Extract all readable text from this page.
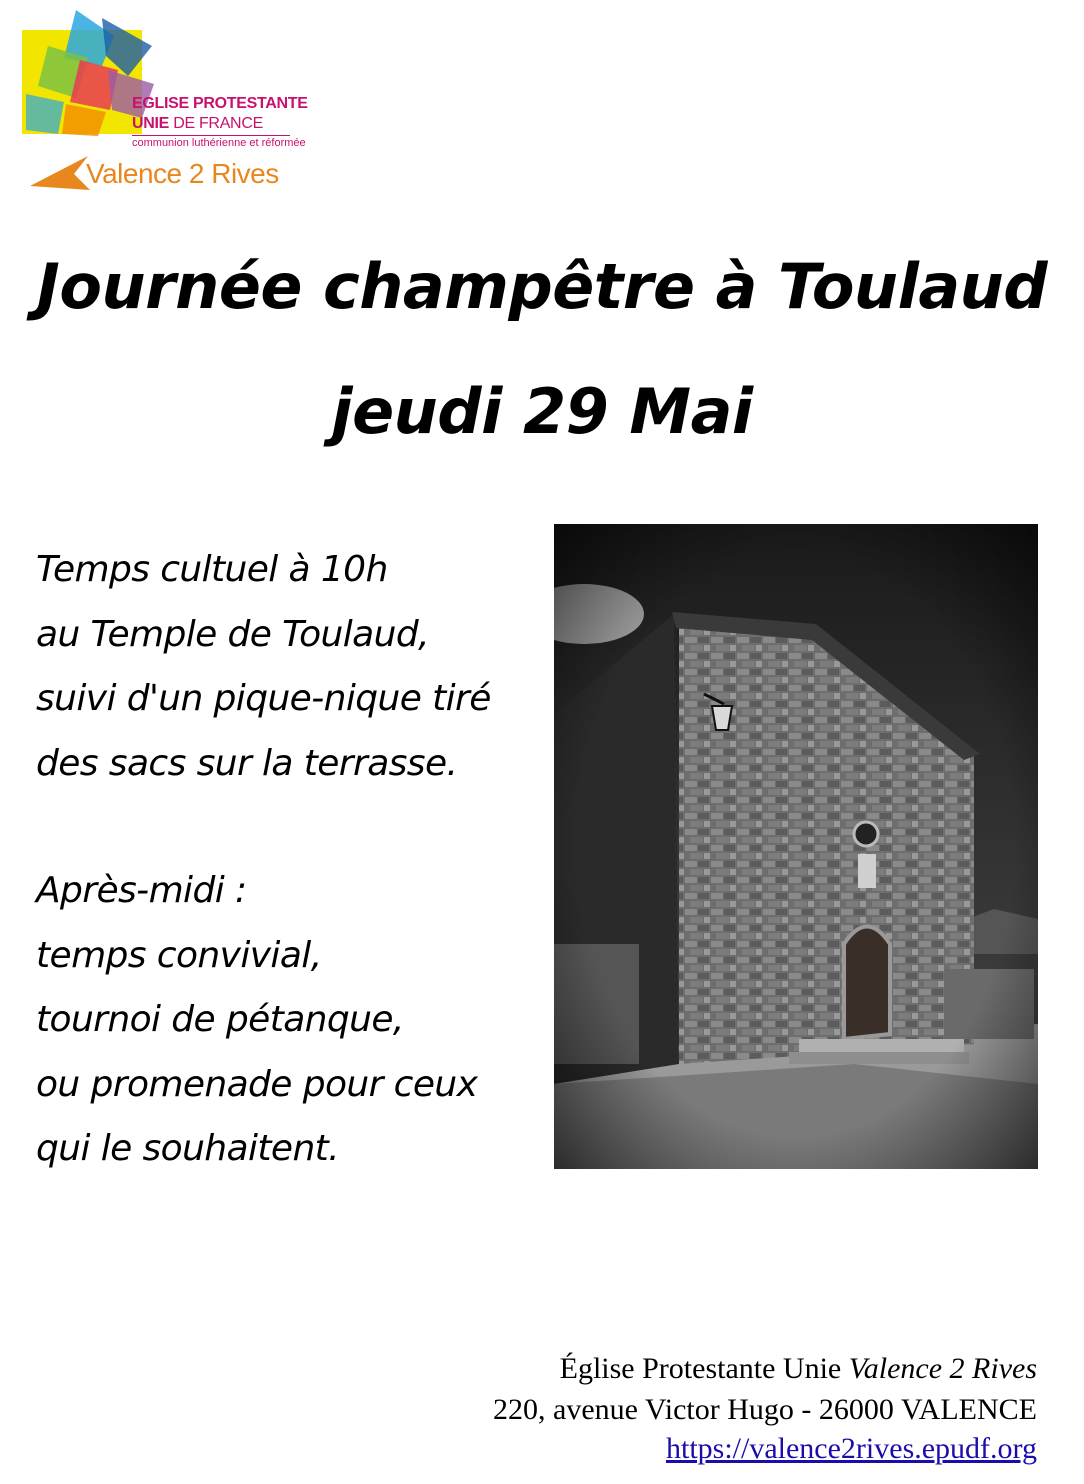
EGLISE PROTESTANTE
UNIE DE FRANCE
communion luthérienne et réformée
Valence 2 Rives
Journée champêtre à Toulaud
jeudi 29 Mai
Temps cultuel à 10h
au Temple de Toulaud,
suivi d'un pique-nique tiré
des sacs sur la terrasse.
Après-midi :
temps convivial,
tournoi de pétanque,
ou promenade pour ceux
qui le souhaitent.
Église Protestante Unie Valence 2 Rives
220, avenue Victor Hugo - 26000 VALENCE
https://valence2rives.epudf.org
